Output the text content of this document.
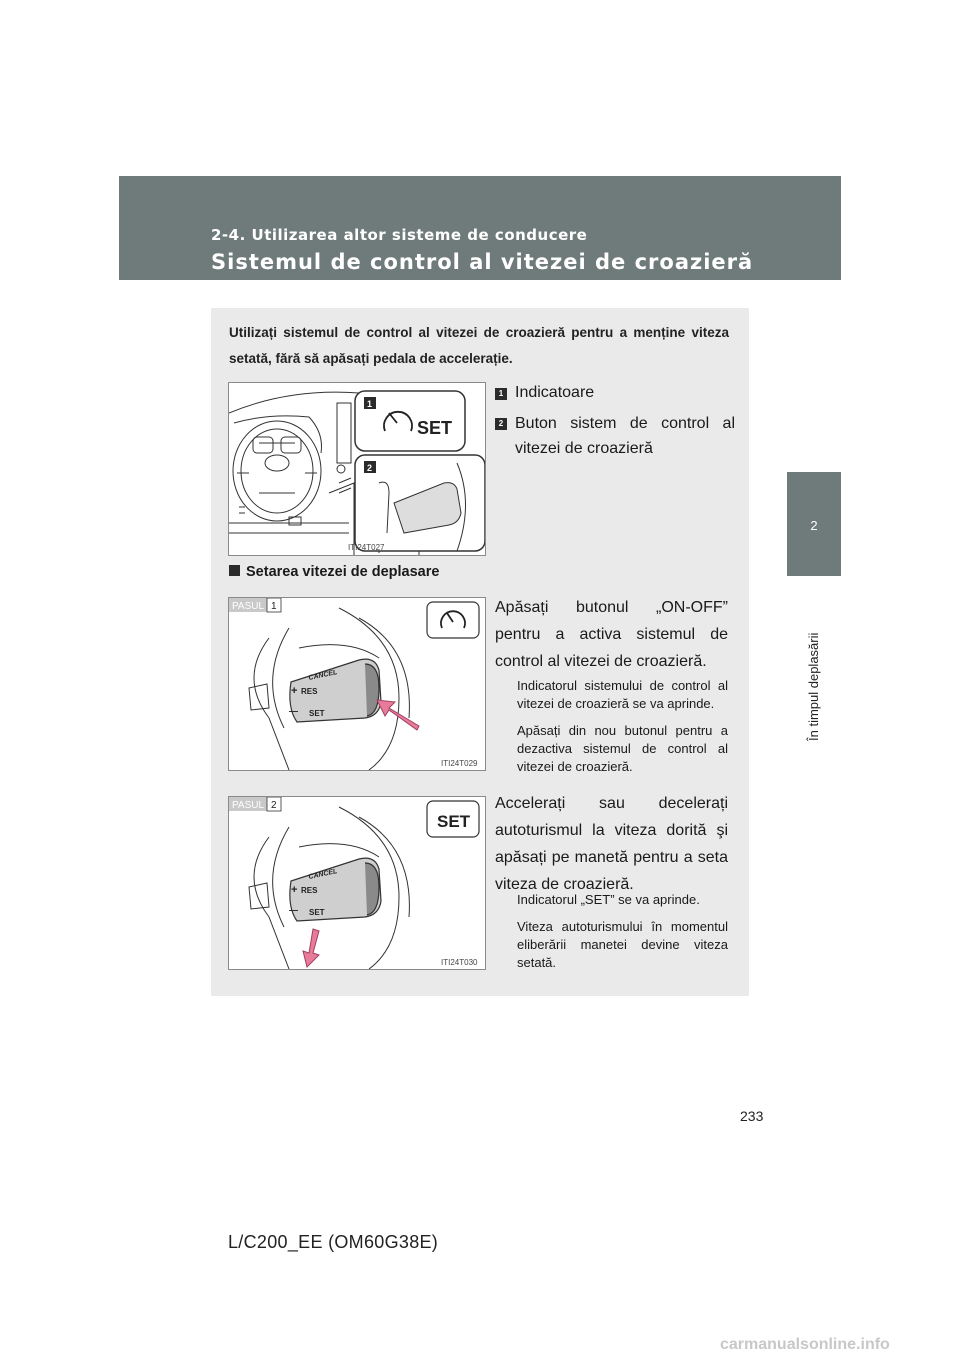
2-4. Utilizarea altor sisteme de conducere
Sistemul de control al vitezei de croazieră
2
În timpul deplasării
Utilizați sistemul de control al vitezei de croazieră pentru a menține viteza setată, fără să apăsați pedala de accelerație.
SET
1
2
ITI24T027
1 Indicatoare
2 Buton sistem de control al
vitezei de croazieră
Setarea vitezei de deplasare
PASUL 1
CANCEL
+ RES
— SET
ITI24T029
Apăsați butonul „ON-OFF” pentru a activa sistemul de control al vitezei de croazieră.
Indicatorul sistemului de control al vitezei de croazieră se va aprinde.
Apăsați din nou butonul pentru a dezactiva sistemul de control al vitezei de croazieră.
PASUL 2
CANCEL
+ RES
— SET
SET
ITI24T030
Accelerați sau decelerați autoturismul la viteza dorită şi apăsați pe manetă pentru a seta viteza de croazieră.
Indicatorul „SET” se va aprinde.
Viteza autoturismului în momentul eliberării manetei devine viteza setată.
233
L/C200_EE (OM60G38E)
carmanualsonline.info
